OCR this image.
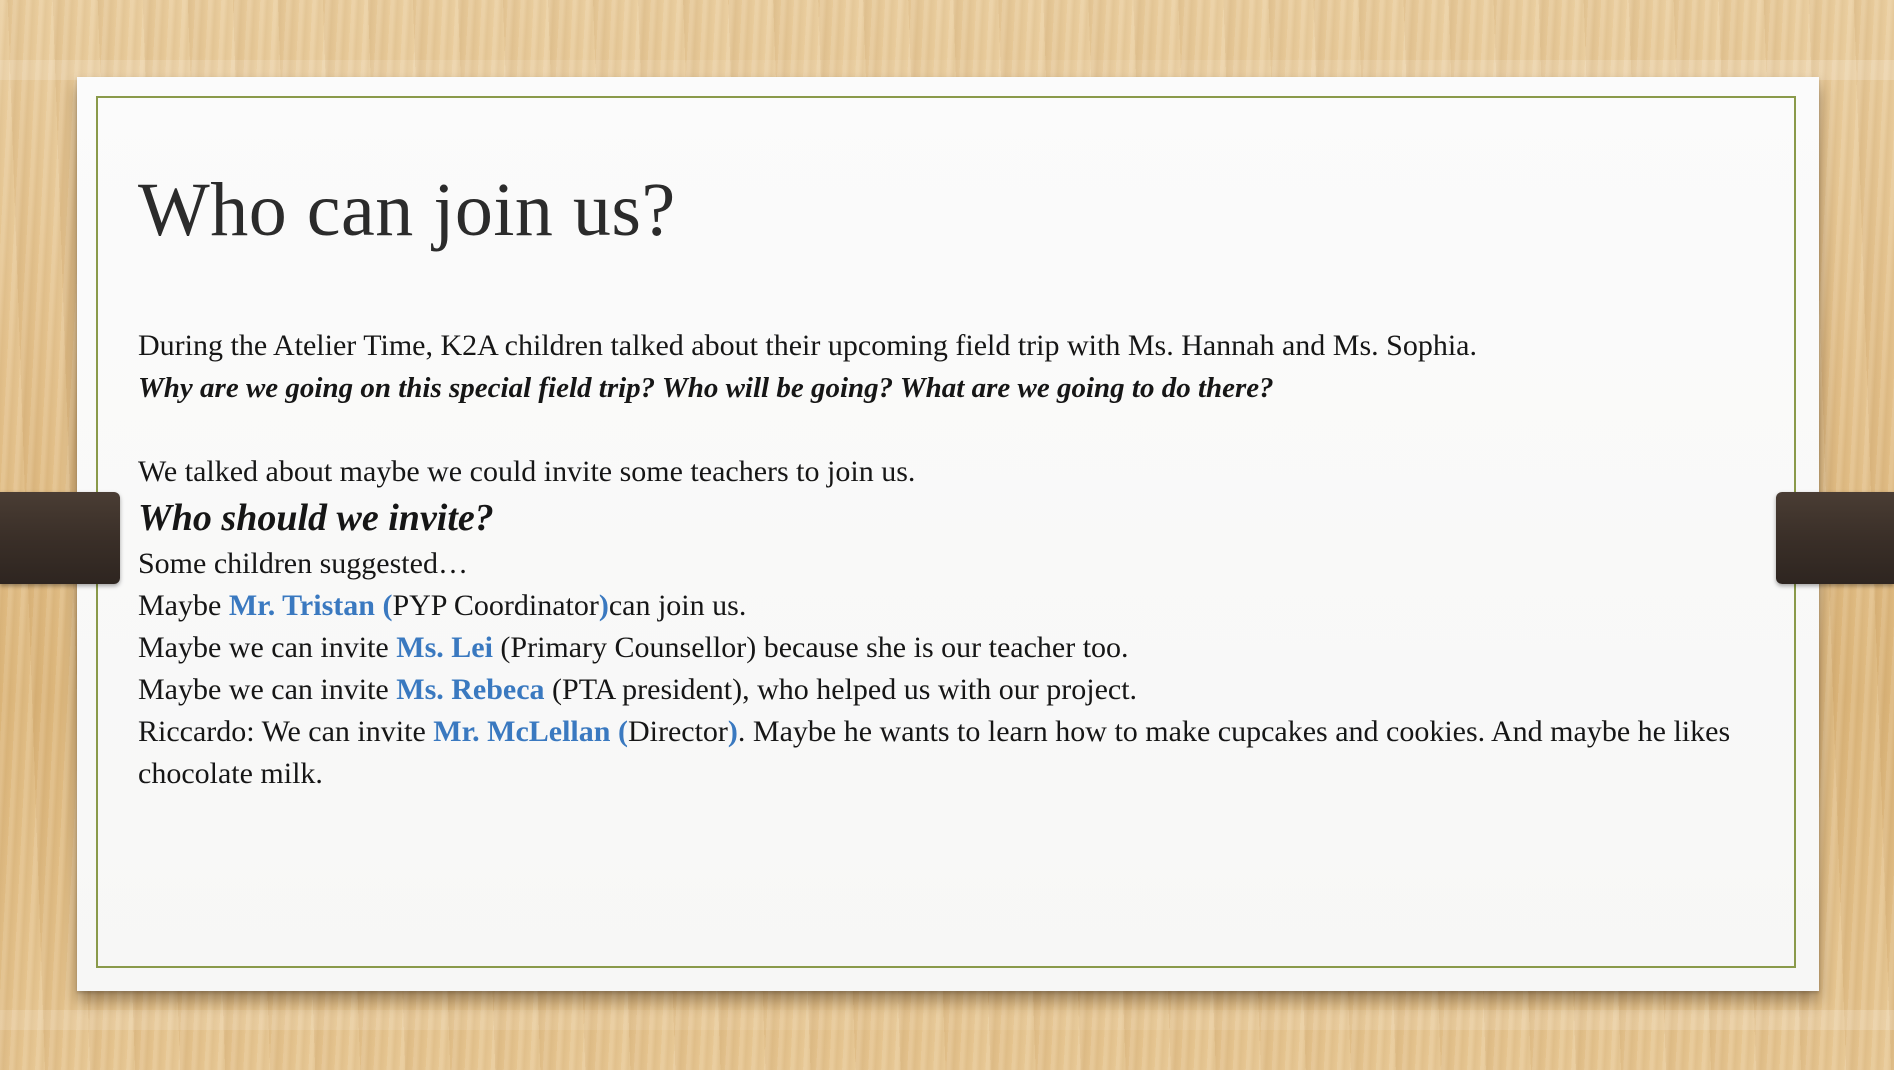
Who can join us?
During the Atelier Time, K2A children talked about their upcoming field trip with Ms. Hannah and Ms. Sophia.
Why are we going on this special field trip? Who will be going? What are we going to do there?
We talked about maybe we could invite some teachers to join us.
Who should we invite?
Some children suggested…
Maybe Mr. Tristan (PYP Coordinator)can join us.
Maybe we can invite Ms. Lei (Primary Counsellor) because she is our teacher too.
Maybe we can invite Ms. Rebeca (PTA president), who helped us with our project.
Riccardo: We can invite Mr. McLellan (Director). Maybe he wants to learn how to make cupcakes and cookies. And maybe he likes chocolate milk.
